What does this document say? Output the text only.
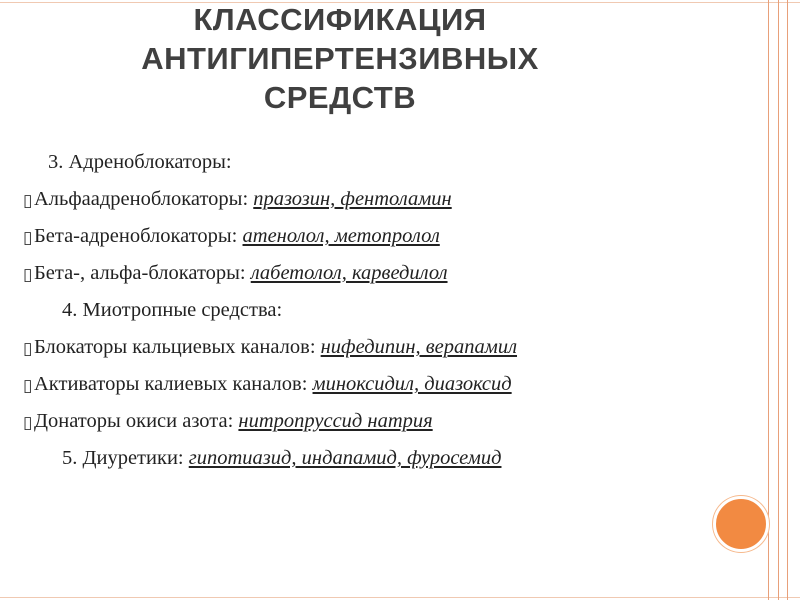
КЛАССИФИКАЦИЯ
АНТИГИПЕРТЕНЗИВНЫХ
СРЕДСТВ
3. Адреноблокаторы:
▯ Альфаадреноблокаторы: празозин, фентоламин
▯ Бета-адреноблокаторы: атенолол, метопролол
▯ Бета-, альфа-блокаторы: лабетолол, карведилол
4. Миотропные средства:
▯ Блокаторы кальциевых каналов: нифедипин, верапамил
▯ Активаторы калиевых каналов: миноксидил, диазоксид
▯ Донаторы окиси азота: нитропруссид натрия
5. Диуретики: гипотиазид, индапамид, фуросемид
